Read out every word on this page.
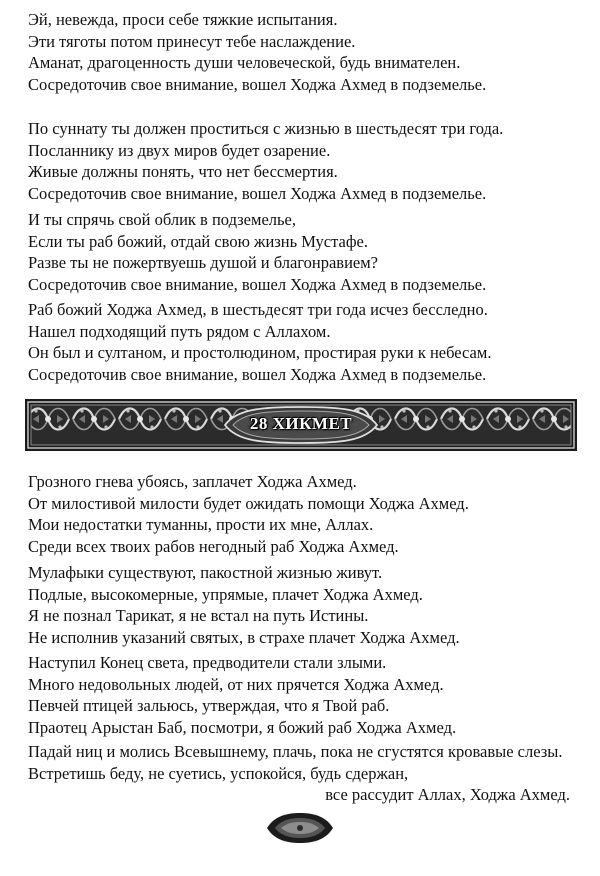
Эй, невежда, проси себе тяжкие испытания.
Эти тяготы потом принесут тебе наслаждение.
Аманат, драгоценность души человеческой, будь внимателен.
Сосредоточив свое внимание, вошел Ходжа Ахмед в подземелье.
По суннату ты должен проститься с жизнью в шестьдесят три года.
Посланнику из двух миров будет озарение.
Живые должны понять, что нет бессмертия.
Сосредоточив свое внимание, вошел Ходжа Ахмед в подземелье.
И ты спрячь свой облик в подземелье,
Если ты раб божий, отдай свою жизнь Мустафе.
Разве ты не пожертвуешь душой и благонравием?
Сосредоточив свое внимание, вошел Ходжа Ахмед в подземелье.
Раб божий Ходжа Ахмед, в шестьдесят три года исчез бесследно.
Нашел подходящий путь рядом с Аллахом.
Он был и султаном, и простолюдином, простирая руки к небесам.
Сосредоточив свое внимание, вошел Ходжа Ахмед в подземелье.
28 ХИКМЕТ
Грозного гнева убоясь, заплачет Ходжа Ахмед.
От милостивой милости будет ожидать помощи Ходжа Ахмед.
Мои недостатки туманны, прости их мне, Аллах.
Среди всех твоих рабов негодный раб Ходжа Ахмед.
Мулафыки существуют, пакостной жизнью живут.
Подлые, высокомерные, упрямые, плачет Ходжа Ахмед.
Я не познал Тарикат, я не встал на путь Истины.
Не исполнив указаний святых, в страхе плачет Ходжа Ахмед.
Наступил Конец света, предводители стали злыми.
Много недовольных людей, от них прячется Ходжа Ахмед.
Певчей птицей зальюсь, утверждая, что я Твой раб.
Праотец Арыстан Баб, посмотри, я божий раб Ходжа Ахмед.
Падай ниц и молись Всевышнему, плачь, пока не сгустятся кровавые слезы.
Встретишь беду, не суетись, успокойся, будь сдержан,
все рассудит Аллах, Ходжа Ахмед.
